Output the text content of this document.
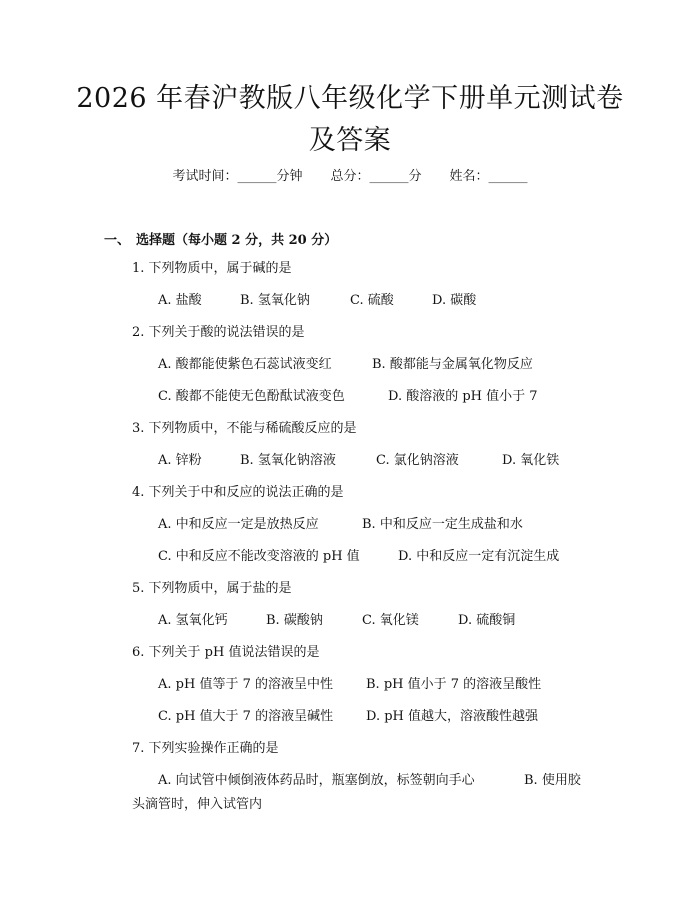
2026 年春沪教版八年级化学下册单元测试卷
及答案
考试时间：______分钟 总分：______分 姓名：______
一、 选择题（每小题 2 分，共 20 分）
1. 下列物质中，属于碱的是
A. 盐酸	B. 氢氧化钠	C. 硫酸	D. 碳酸
2. 下列关于酸的说法错误的是
A. 酸都能使紫色石蕊试液变红	B. 酸都能与金属氧化物反应
C. 酸都不能使无色酚酞试液变色	D. 酸溶液的 pH 值小于 7
3. 下列物质中，不能与稀硫酸反应的是
A. 锌粉	B. 氢氧化钠溶液	C. 氯化钠溶液	D. 氧化铁
4. 下列关于中和反应的说法正确的是
A. 中和反应一定是放热反应	B. 中和反应一定生成盐和水
C. 中和反应不能改变溶液的 pH 值	D. 中和反应一定有沉淀生成
5. 下列物质中，属于盐的是
A. 氢氧化钙	B. 碳酸钠	C. 氧化镁	D. 硫酸铜
6. 下列关于 pH 值说法错误的是
A. pH 值等于 7 的溶液呈中性	B. pH 值小于 7 的溶液呈酸性
C. pH 值大于 7 的溶液呈碱性	D. pH 值越大，溶液酸性越强
7. 下列实验操作正确的是
A. 向试管中倾倒液体药品时，瓶塞倒放，标签朝向手心	B. 使用胶
头滴管时，伸入试管内
